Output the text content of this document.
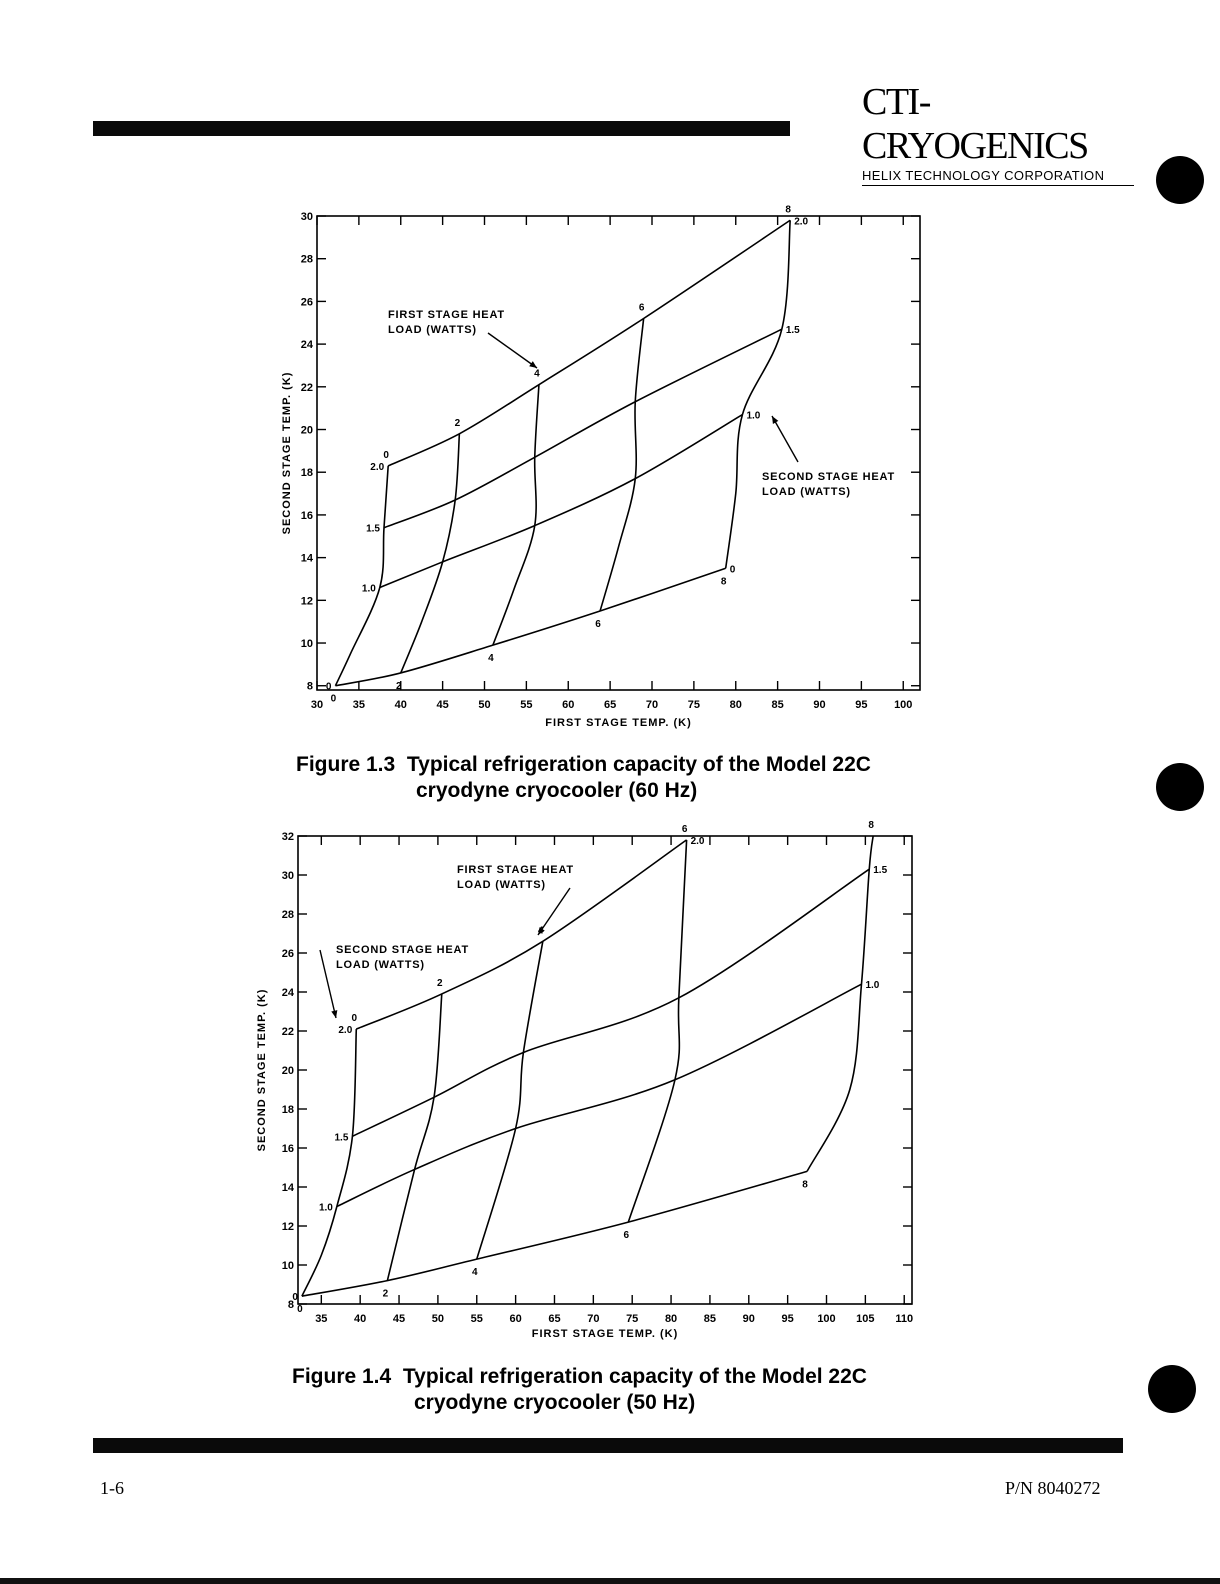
CTI-CRYOGENICS
HELIX TECHNOLOGY CORPORATION
30	35	40	45	50	55	60	65	70	75	80	85	90	95 100
8
10
12
14
16
18
20
22
24
26
28
30
FIRST STAGE TEMP. (K)
SECOND STAGE TEMP. (K)
0
0
1.0
1.0
1.5
1.5
2.0
2.0
0
0
2
2
4
4
6
6
8
8
FIRST STAGE HEAT
LOAD (WATTS)
SECOND STAGE HEAT
LOAD (WATTS)
35 40 45 50 55 60 65 70 75 80 85 90 95 100 105 110
8
10
12
14
16
18
20
22
24
26
28
30
32
FIRST STAGE TEMP. (K)
SECOND STAGE TEMP. (K)
0
1.0
1.0
1.5
1.5
2.0
2.0
0
0
2
2
4
6
6
8
8
FIRST STAGE HEAT
LOAD (WATTS)
SECOND STAGE HEAT
LOAD (WATTS)
Figure 1.3 Typical refrigeration capacity of the Model 22C
cryodyne cryocooler (60 Hz)
Figure 1.4 Typical refrigeration capacity of the Model 22C
cryodyne cryocooler (50 Hz)
1-6	P/N 8040272
